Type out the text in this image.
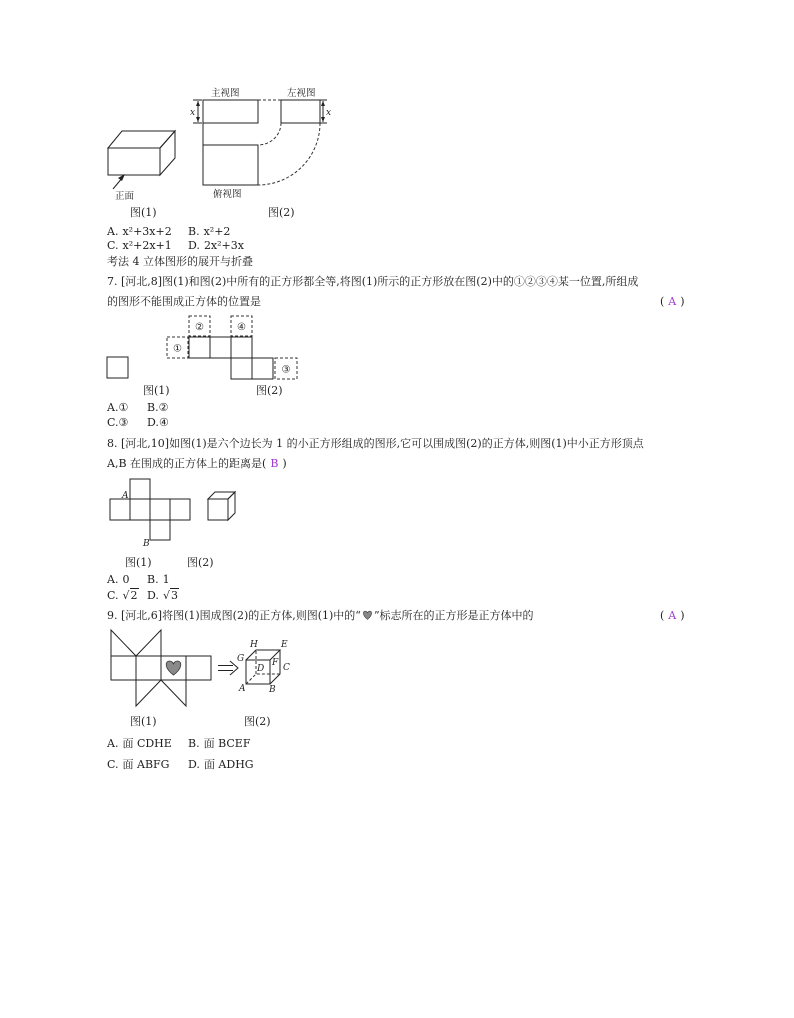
正面
主视图	左视图
x	x
俯视图
①
②
③
④
A
B
H	E
G	F
D C
A	B
图(1)	图(2)
A. x²+3x+2 B. x²+2
C. x²+2x+1 D. 2x²+3x
考法 4 立体图形的展开与折叠
7. [河北,8]图(1)和图(2)中所有的正方形都全等,将图(1)所示的正方形放在图(2)中的①②③④某一位置,所组成
的图形不能围成正方体的位置是	( A )
图(1)	图(2)
A.① B.②
C.③ D.④
8. [河北,10]如图(1)是六个边长为 1 的小正方形组成的图形,它可以围成图(2)的正方体,则图(1)中小正方形顶点
A,B 在围成的正方体上的距离是( B )
图(1)	图(2)
A. 0 B. 1
C. √2 D. √3
9. [河北,6]将图(1)围成图(2)的正方体,则图(1)中的“ ”标志所在的正方形是正方体中的	( A )
图(1)	图(2)
A. 面 CDHE B. 面 BCEF
C. 面 ABFG D. 面 ADHG
